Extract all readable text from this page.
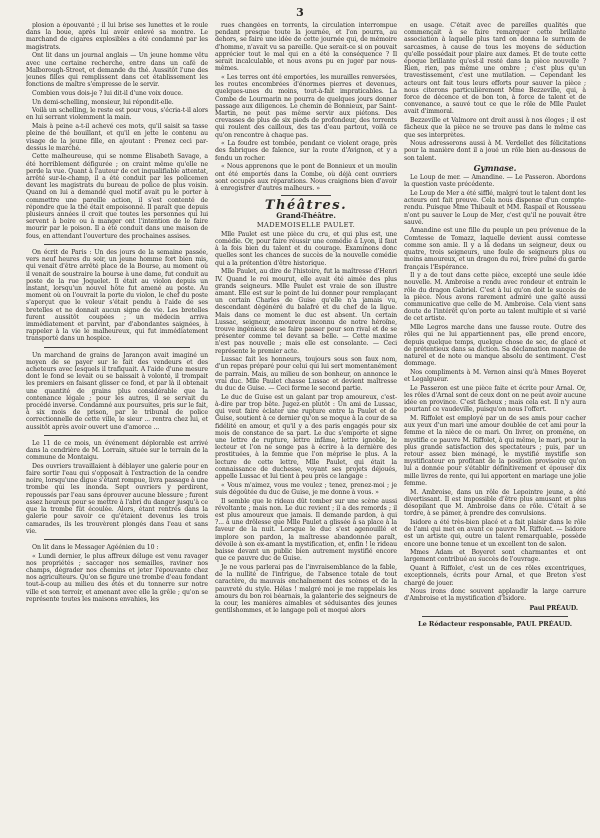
3

plosion a épouvanté ; il lui brise ses lunettes et le roule dans la boue, après lui avoir enlevé sa montre. Le marchand de cigares explosibles a été condamné par les magistrats.

Ont lit dans un journal anglais — Un jeune homme vêtu avec une certaine recherche, entre dans un café de Malborough-Street, et demande du thé. Aussitôt l'une des jeunes filles qui remplissent dans cet établissement les fonctions de maître s'empresse de le servir.

Combien vous dois-je ? lui dit-il d'une voix douce.

Un demi-schelling, monsieur, lui répondit-elle.

Voilà un schelling, le reste est pour vous, s'écria-t-il alors en lui serrant violemment la main.

Mais à peine a-t-il achevé ces mots, qu'il saisit sa tasse pleine de thé bouillant, et qu'il en jette le contenu au visage de la jeune fille, en ajoutant : Prenez ceci par-dessus le marché.

Cette malheureuse, qui se nomme Élisabeth Savage, a été horriblement défigurée ; on craint même qu'elle ne perde la vue. Quant à l'auteur de cet inqualifiable attentat, arrêté sur-le-champ, il a été conduit par les policemen devant les magistrats du bureau de police de plus voisin. Quand on lui a demandé quel motif avait pu le porter à commettre une pareille action, il s'est contenté de répondre que la thé était empoisonné. Il paraît que depuis plusieurs années il croit que toutes les personnes qui lui servent à boire ou à manger ont l'intention de le faire mourir par le poison. Il a été conduit dans une maison de fous, en attendant l'ouverture des prochaines assises.

On écrit de Paris : Un des jours de la semaine passée, vers neuf heures du soir, un jeune homme fort bien mis, qui venait d'être arrêté place de la Bourse, au moment où il venait de soustraire la bourse à une dame, fut conduit au poste de la rue Joquelet. Il était au violon depuis un instant, lorsqu'un nouvel hôte fut amené au poste. Au moment où on l'ouvrait la porte du violon, le chef du poste s'aperçut que le voleur s'était pendu à l'aide de ses bretelles et ne donnait aucun signe de vie. Les bretelles furent aussitôt coupées ; un médecin arriva immédiatement et parvint, par d'abondantes saignées, à rappeler à la vie le malheureux, qui fut immédiatement transporté dans un hospice.

Un marchand de grains de Jarançon avait imaginé un moyen de se payer sur le fait des vendeurs et des acheteurs avec lesquels il trafiquait. A l'aide d'une mesure dont le fond se levait ou se baissait à volonté, il trompait les premiers en faisant glisser ce fond, et par là il obtenait une quantité de grains plus considérable que la contenance légale ; pour les autres, il se servait du procédé inverse. Condamné aux poursuites, pris sur le fait, à six mois de prison, par le tribunal de police correctionnelle de cette ville, le sieur ... rentra chez lui, et aussitôt après avoir ouvert une d'amorce ...

Le 11 de ce mois, un événement déplorable est arrivé dans la cendrière de M. Lorrain, située sur le terrain de la commune de Montaigu.

Des ouvriers travaillaient à déblayer une galerie pour en faire sortir l'eau qui s'opposait à l'extraction de la cendre noire, lorsqu'une digue s'étant rompue, livra passage à une trombe qui les inonda. Sept ouvriers y perdirent, repoussés par l'eau sans éprouver aucune blessure ; furent assez heureux pour se mettre à l'abri du danger jusqu'à ce que la trombe fût écoulée. Alors, étant rentrés dans la galerie pour savoir ce qu'étaient devenus les trois camarades, ils les trouvèrent plongés dans l'eau et sans vie.

On lit dans le Messager Agéénien du 10 :

« Lundi dernier, le plus affreux déluge est venu ravager nos propriétés ; saccager nos semailles, raviner nos champs, dégrader nos chemins et jeter l'épouvante chez nos agriculteurs. Qu'on se figure une trombe d'eau fondant tout-à-coup au milieu des étés et du tonnerre sur notre ville et son terroir, et amenant avec elle la grêle ; qu'on se représente toutes les maisons envahies, les

rues changées en torrents, la circulation interrompue pendant presque toute la journée, et l'on pourra, au dehors, se faire une idée de cette journée qui, de mémoire d'homme, n'avait vu sa pareille. Que serait-ce si on pouvait apprécier tout le mal qui en a été la conséquence ? Il serait incalculable, et nous avons pu en juger par nous-mêmes.

« Les terres ont été emportées, les murailles renversées, les routes encombrées d'énormes pierres et devenues, quelques-unes du moins, tout-à-fait impraticables. La Combe de Lourmarin ne pourra de quelques jours donner passage aux diligences. Le chemin de Bonnieux, par Saint-Martin, ne peut pas même servir aux piétons. Des crevasses de plus de six pieds de profondeur, des torrents qui roulent des cailloux, des tas d'eau partout, voilà ce qu'on rencontre à chaque pas.

« La foudre est tombée, pendant ce violent orage, près des fabriques de faïence, sur la route d'Avignon, et y a fendu un rocher.

« Nous apprenons que le pont de Bonnieux et un moulin ont été emportés dans la Combe, où déjà cent ouvriers sont occupés aux réparations. Nous craignons bien d'avoir à enregistrer d'autres malheurs. »

Théâtres.
Grand-Théâtre.
MADEMOISELLE PAULET.

Mlle Paulet est une pièce du cru, et qui plus est, une comédie. Or, pour faire réussir une comédie à Lyon, il faut à la fois bien du talent et du courage. Examinons donc quelles sont les chances de succès de la nouvelle comédie qui a la prétention d'être historique.

Mlle Paulet, au dire de l'histoire, fut la maîtresse d'Henri IV. Quand le roi mourut, elle avait été aimée des plus grands seigneurs. Mlle Paulet est vraie de son illustre amant. Elle est sur le point de lui donner pour remplaçant un certain Charles de Guise qu'elle n'a jamais vu, descendant dégénéré du balafré et du chef de la ligue. Mais dans ce moment le duc est absent. Un certain Lussac, seigneur, amoureux inconnu de notre héroïne, trouve ingénieux de se faire passer pour son rival et de se présenter comme tel devant sa belle. — Cette maxime n'est pas nouvelle ; mais elle est consolante. — Ceci représente le premier acte.

Lussac fait les honneurs, toujours sous son faux nom, d'un repas préparé pour celui qui lui sert momentanément de parrain. Mais, au milieu de son bonheur, on annonce le vrai duc. Mlle Paulet chasse Lussac et devient maîtresse du duc de Guise. — Ceci forme le second partie.

Le duc de Guise est un galant par trop amoureux, c'est-à-dire par trop bête. Jugez-en plutôt : Un ami de Lussac, qui veut faire éclater une rupture entre la Paulet et de Guise, soutient à ce dernier qu'on se moque à la cour de sa fidélité en amour, et qu'il y a des paris engagés pour six mois de constance de sa part. Le duc s'emporte et signe une lettre de rupture, lettre infâme, lettre ignoble, le lecteur et l'on ne songe pas à écrire à la dernière des prostituées, à la femme que l'on méprise le plus. A la lecture de cette lettre, Mlle Paulet, qui était la connaissance de duchesse, voyant ses projets déjoués, appelle Lussac et lui tient à peu près ce langage :

« Vous m'aimez, vous me voulez ; tenez, prenez-moi ; je suis dégoûtée du duc de Guise, je me donne à vous. »

Il semble que le rideau dût tomber sur une scène aussi révoltante ; mais non. Le duc revient ; il a des remords ; il est plus amoureux que jamais. Il demande pardon, à qui ?... à une drôlesse que Mlle Paulet a glissée à sa place à la faveur de la nuit. Lorsque le duc s'est agenouillé et implore son pardon, la maîtresse abandonnée paraît, dévoile à son ex-amant la mystification, et, enfin ! le rideau baisse devant un public bien autrement mystifié encore que ce pauvre duc de Guise.

Je ne vous parlerai pas de l'invraisemblance de la fable, de la nullité de l'intrigue, de l'absence totale de tout caractère, du mauvais enchaînement des scènes et de la pauvreté du style. Hélas ! malgré moi je me rappelais les amours du bon roi béarnais, la galanterie des seigneurs de la cour, les manières aimables et séduisantes des jeunes gentilshommes, et le langage poli et moqué alors

en usage. C'était avec de pareilles qualités que commençait à se faire remarquer cette brillante association à laquelle plus tard on donna le surnom de sarcasmes, à cause de tous les moyens de séduction qu'elle possédait pour plaire aux dames. Et de toute cette époque brillante qu'est-il resté dans la pièce nouvelle ? Rien, rien, pas même une ombre ; c'est plus qu'un travestissement, c'est une mutilation. — Cependant les acteurs ont fait tous leurs efforts pour sauver la pièce ; nous citerons particulièrement Mme Bezzeville, qui, à force de décence et de bon ton, à force de talent et de convenance, a sauvé tout ce que le rôle de Mlle Paulet avait d'immoral.

Bezzeville et Valmore ont droit aussi à nos éloges ; il est fâcheux que la pièce ne se trouve pas dans le même cas que ses interprètes.

Nous adresserons aussi à M. Verdellet des félicitations pour la manière dont il a joué un rôle bien au-dessous de son talent.

Gymnase.

Le Loup de mer. — Amandine. — Le Passeron. Abordons la question vaste précédente.

Le Loup de Mer a été sifflé, malgré tout le talent dont les acteurs ont fait preuve. Cela nous dispense d'un compte-rendu. Puisque Mme Thibault et MM. Raspail et Rousseau n'ont pu sauver le Loup de Mer, c'est qu'il ne pouvait être sauvé.

Amandine est une fille du peuple un peu prévenue de la Comtesse de Tomazz, laquelle devient aussi comtesse comme son amie. Il y a là dedans un seigneur, deux ou quatre, trois seigneurs, une foule de seigneurs plus ou moins amoureux, et un dragon du roi, frère puîné du garde français l'Espérance.

Il y a de tout dans cette pièce, excepté une seule idée nouvelle. M. Ambroise a rendu avec rondeur et entrain le rôle du dragon Gabriel. C'est à lui qu'on doit le succès de la pièce. Nous avons rarement admiré une gaîté aussi communicative que celle de M. Ambroise. Cela vient sans doute de l'intérêt qu'on porte au talent multiple et si varié de cet artiste.

Mlle Legros marche dans une fausse route. Outre des rôles qui ne lui appartiennent pas, elle prend encore, depuis quelque temps, quelque chose de sec, de glacé et de prétentieux dans sa diction. Sa déclamation manque de naturel et de note ou manque absolu de sentiment. C'est dommage.

Nos compliments à M. Vernon ainsi qu'à Mmes Boyeret et Legalgueur.

Le Passeron est une pièce faite et écrite pour Arnal. Or, les rôles d'Arnal sont de ceux dont on ne peut avoir aucune idée en province. C'est fâcheux ; mais cela est. Il n'y aura pourtant ce vaudeville, puisqu'on nous l'offert.

M. Riffolet est employé par un de ses amis pour cacher aux yeux d'un mari une amour doublée de cet ami pour la femme et la nièce de ce mari. On livrer, on promène, on mystifie ce pauvre M. Riffolet, à qui même, le mari, pour la plus grande satisfaction des spectateurs ; puis, par un retour assez bien ménagé, le mystifié mystifie son mystificateur en profitant de la position provisoire qu'on lui a donnée pour s'établir définitivement et épouser dix mille livres de rente, qui lui apportent en mariage une jolie femme.

M. Ambroise, dans un rôle de Lepointre jeune, a été divertissant. Il est impossible d'être plus amusant et plus désopilant que M. Ambroise dans ce rôle. C'était à se tordre, à se pâmer, à prendre des convulsions.

Isidore a été très-bien placé et a fait plaisir dans le rôle de l'ami qui met en avant ce pauvre M. Riffolet. — Isidore est un artiste qui, outre un talent remarquable, possède encore une bonne tenue et un excellent ton de salon.

Mmes Adam et Boyeret sont charmantes et ont largement contribué au succès de l'ouvrage.

Quant à Riffolet, c'est un de ces rôles excentriques, exceptionnels, écrits pour Arnal, et que Breton s'est chargé de jouer.

Nous irons donc souvent applaudir la large carrure d'Ambroise et la mystification d'Isidore.

Paul PRÉAUD.

Le Rédacteur responsable, PAUL PRÉAUD.
